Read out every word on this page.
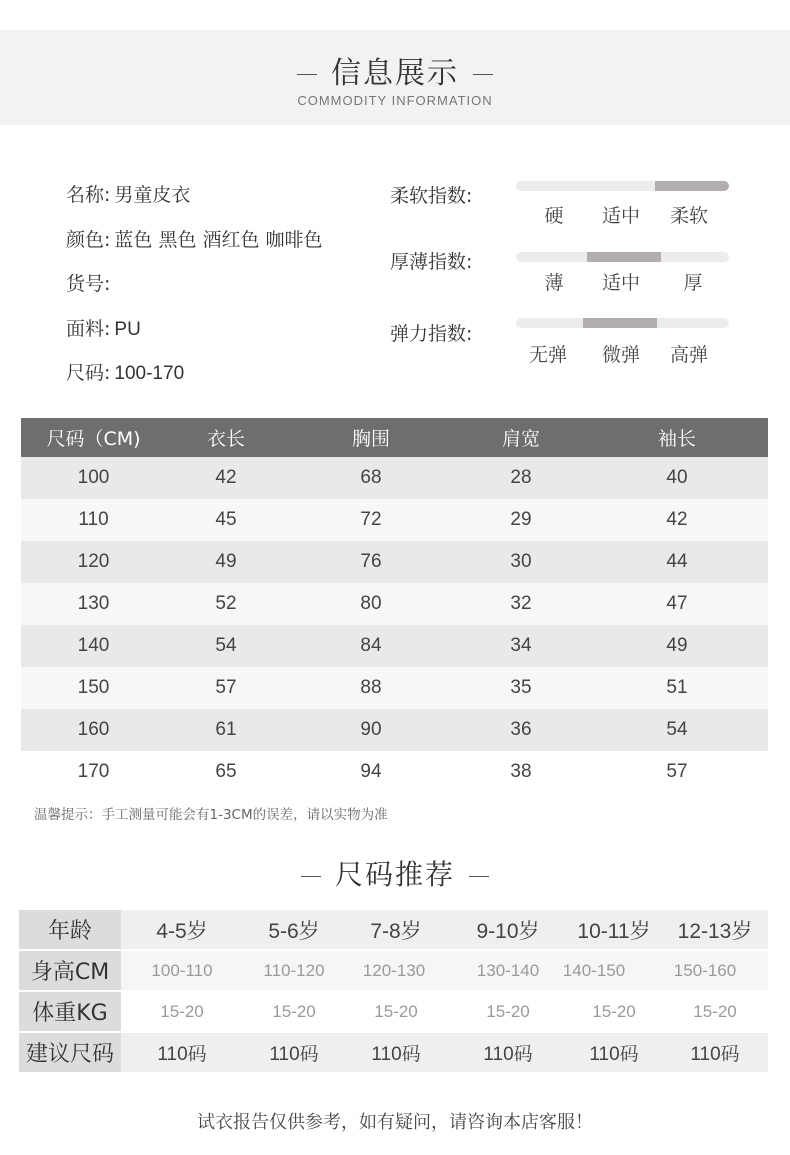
信息展示
COMMODITY INFORMATION
名称: 男童皮衣
颜色: 蓝色 黑色 酒红色 咖啡色
货号:
面料: PU
尺码: 100-170
柔软指数:
硬	适中	柔软
厚薄指数:
薄	适中	厚
弹力指数:
无弹	微弹	高弹
尺码（CM)	衣长	胸围	肩宽	袖长
100	42	68	28	40
110	45	72	29	42
120	49	76	30	44
130	52	80	32	47
140	54	84	34	49
150	57	88	35	51
160	61	90	36	54
170	65	94	38	57
温馨提示：手工测量可能会有1-3CM的误差，请以实物为准
尺码推荐
年龄	4-5岁	5-6岁	7-8岁	9-10岁	10-11岁	12-13岁
身高CM	100-110	110-120	120-130	130-140	140-150	150-160
体重KG	15-20	15-20	15-20	15-20	15-20	15-20
建议尺码	110码	110码	110码	110码	110码	110码
试衣报告仅供参考，如有疑问，请咨询本店客服！
